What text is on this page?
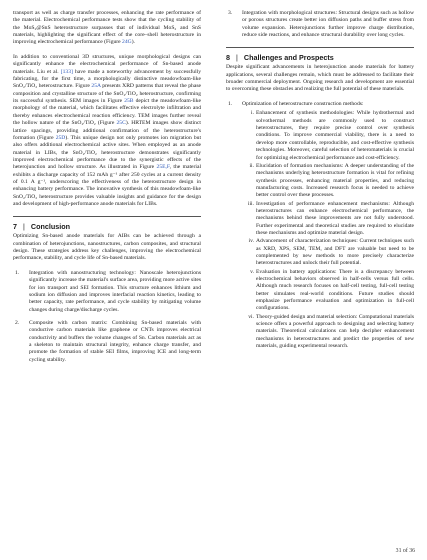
transport as well as charge transfer processes, enhancing the rate performance of the material. Electrochemical performance tests show that the cycling stability of the MoS₂@SnS heterostructure surpasses that of individual MoS₂ and SnS materials, highlighting the significant effect of the core–shell heterostructure in improving electrochemical performance (Figure 24G).

In addition to conventional 3D structures, unique morphological designs can significantly enhance the electrochemical performance of Sn-based anode materials. Liu et al. [133] have made a noteworthy advancement by successfully fabricating, for the first time, a morphologically distinctive meadowfoam-like SnO₂/TiO₂ heterostructure. Figure 25A presents XRD patterns that reveal the phase composition and crystalline structure of the SnO₂/TiO₂ heterostructure, confirming its successful synthesis. SEM images in Figure 25B depict the meadowfoam-like morphology of the material, which facilitates effective electrolyte infiltration and thereby enhances electrochemical reaction efficiency. TEM images further reveal the hollow nature of the SnO₂/TiO₂ (Figure 25C). HRTEM images show distinct lattice spacings, providing additional confirmation of the heterostructure's formation (Figure 25D). This unique design not only promotes ion migration but also offers additional electrochemical active sites. When employed as an anode material in LIBs, the SnO₂/TiO₂ heterostructure demonstrates significantly improved electrochemical performance due to the synergistic effects of the heterojunction and hollow structure. As illustrated in Figure 25E,F, the material exhibits a discharge capacity of 152 mAh g⁻¹ after 250 cycles at a current density of 0.1 A g⁻¹, underscoring the effectiveness of the heterostructure design in enhancing battery performance. The innovative synthesis of this meadowfoam-like SnO₂/TiO₂ heterostructure provides valuable insights and guidance for the design and development of high-performance anode materials for LIBs.

7 | Conclusion

Optimizing Sn-based anode materials for AIBs can be achieved through a combination of heterojunctions, nanostructures, carbon composites, and structural design. These strategies address key challenges, improving the electrochemical performance, stability, and cycle life of Sn-based materials.

1. Integration with nanostructuring technology: Nanoscale heterojunctions significantly increase the material's surface area, providing more active sites for ion transport and SEI formation. This structure enhances lithium and sodium ion diffusion and improves interfacial reaction kinetics, leading to better capacity, rate performance, and cycle stability by mitigating volume changes during charge/discharge cycles.
2. Composite with carbon matrix: Combining Sn-based materials with conductive carbon materials like graphene or CNTs improves electrical conductivity and buffers the volume changes of Sn. Carbon materials act as a skeleton to maintain structural integrity, enhance charge transfer, and promote the formation of stable SEI films, improving ICE and long-term cycling stability.
3. Integration with morphological structures: Structural designs such as hollow or porous structures create better ion diffusion paths and buffer stress from volume expansion. Heterojunctions further improve charge distribution, reduce side reactions, and enhance structural durability over long cycles.
8 | Challenges and Prospects

Despite significant advancements in heterojunction anode materials for battery applications, several challenges remain, which must be addressed to facilitate their broader commercial deployment. Ongoing research and development are essential to overcoming these obstacles and realizing the full potential of these materials.

1. Optimization of heterostructure construction methods:
i. Enhancement of synthesis methodologies: While hydrothermal and solvothermal methods are commonly used to construct heterostructures, they require precise control over synthesis conditions. To improve commercial viability, there is a need to develop more controllable, reproducible, and cost-effective synthesis technologies. Moreover, careful selection of heteromaterials is crucial for optimizing electrochemical performance and cost-efficiency.
ii. Elucidation of formation mechanisms: A deeper understanding of the mechanisms underlying heterostructure formation is vital for refining synthesis processes, enhancing material properties, and reducing manufacturing costs. Increased research focus is needed to achieve better control over these processes.
iii. Investigation of performance enhancement mechanisms: Although heterostructures can enhance electrochemical performance, the mechanisms behind these improvements are not fully understood. Further experimental and theoretical studies are required to elucidate these mechanisms and optimize material design.
iv. Advancement of characterization techniques: Current techniques such as XRD, XPS, SEM, TEM, and DFT are valuable but need to be complemented by new methods to more precisely characterize heterostructures and unlock their full potential.
v. Evaluation in battery applications: There is a discrepancy between electrochemical behaviors observed in half-cells versus full cells. Although much research focuses on half-cell testing, full-cell testing better simulates real-world conditions. Future studies should emphasize performance evaluation and optimization in full-cell configurations.
vi. Theory-guided design and material selection: Computational materials science offers a powerful approach to designing and selecting battery materials. Theoretical calculations can help decipher enhancement mechanisms in heterostructures and predict the properties of new materials, guiding experimental research.
31 of 36
